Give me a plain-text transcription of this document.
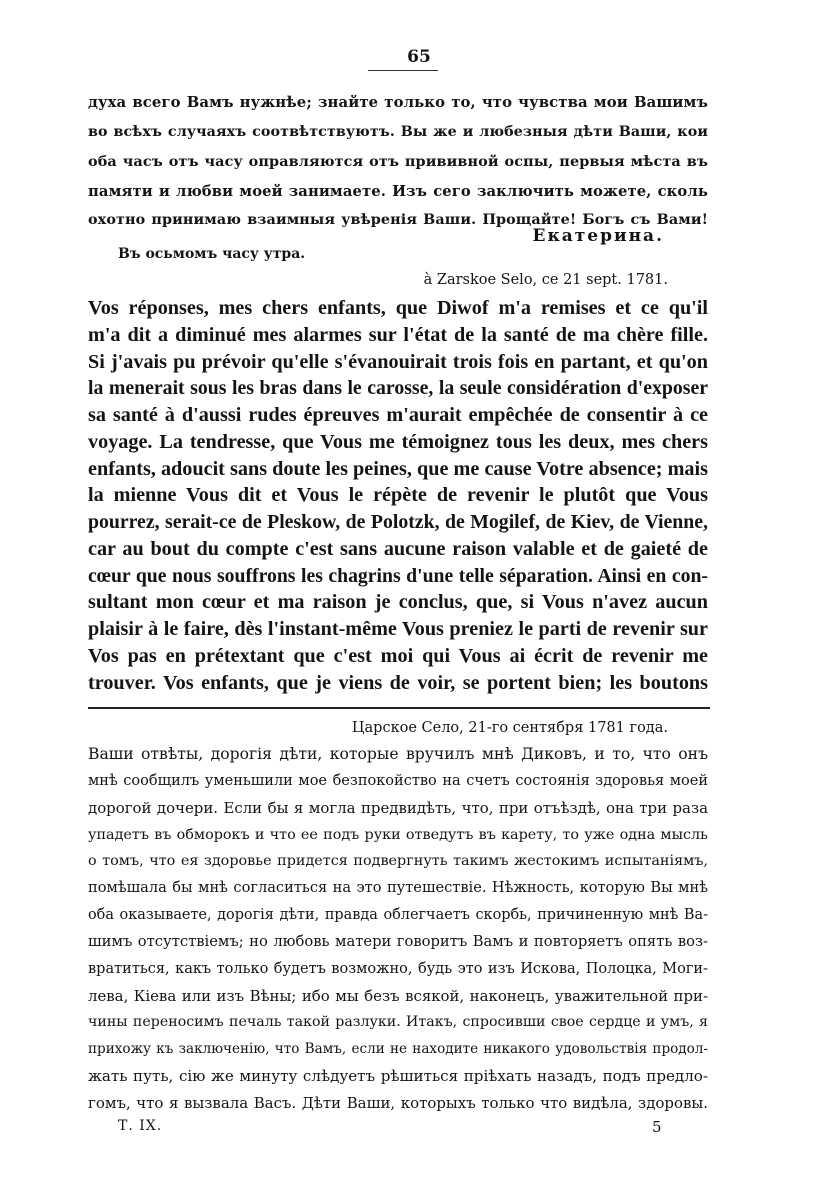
65

духа всего Вамъ нужнѣе; знайте только то, что чувства мои Вашимъ

во всѣхъ случаяхъ соотвѣтствуютъ. Вы же и любезныя дѣти Ваши, кои

оба часъ отъ часу оправляются отъ прививной оспы, первыя мѣста въ

памяти и любви моей занимаете. Изъ сего заключить можете, сколь

охотно принимаю взаимныя увѣренія Ваши. Прощайте! Богъ съ Вами!

Екатерина.
Въ осьмомъ часу утра.
à Zarskoe Selo, ce 21 sept. 1781.

Vos réponses, mes chers enfants, que Diwof m'a remises et ce qu'il

m'a dit a diminué mes alarmes sur l'état de la santé de ma chère fille.

Si j'avais pu prévoir qu'elle s'évanouirait trois fois en partant, et qu'on

la menerait sous les bras dans le carosse, la seule considération d'exposer

sa santé à d'aussi rudes épreuves m'aurait empêchée de consentir à ce

voyage. La tendresse, que Vous me témoignez tous les deux, mes chers

enfants, adoucit sans doute les peines, que me cause Votre absence; mais

la mienne Vous dit et Vous le répète de revenir le plutôt que Vous

pourrez, serait-ce de Pleskow, de Polotzk, de Mogilef, de Kiev, de Vienne,

car au bout du compte c'est sans aucune raison valable et de gaieté de

cœur que nous souffrons les chagrins d'une telle séparation. Ainsi en con-

sultant mon cœur et ma raison je conclus, que, si Vous n'avez aucun

plaisir à le faire, dès l'instant-même Vous preniez le parti de revenir sur

Vos pas en prétextant que c'est moi qui Vous ai écrit de revenir me

trouver. Vos enfants, que je viens de voir, se portent bien; les boutons

Царское Село, 21-го сентября 1781 года.

Ваши отвѣты, дорогія дѣти, которые вручилъ мнѣ Диковъ, и то, что онъ

мнѣ сообщилъ уменьшили мое безпокойство на счетъ состоянія здоровья моей

дорогой дочери. Если бы я могла предвидѣть, что, при отъѣздѣ, она три раза

упадетъ въ обморокъ и что ее подъ руки отведутъ въ карету, то уже одна мысль

о томъ, что ея здоровье придется подвергнуть такимъ жестокимъ испытаніямъ,

помѣшала бы мнѣ согласиться на это путешествіе. Нѣжность, которую Вы мнѣ

оба оказываете, дорогія дѣти, правда облегчаетъ скорбь, причиненную мнѣ Ва-

шимъ отсутствіемъ; но любовь матери говоритъ Вамъ и повторяетъ опять воз-

вратиться, какъ только будетъ возможно, будь это изъ Искова, Полоцка, Моги-

лева, Кіева или изъ Вѣны; ибо мы безъ всякой, наконецъ, уважительной при-

чины переносимъ печаль такой разлуки. Итакъ, спросивши свое сердце и умъ, я

прихожу къ заключенію, что Вамъ, если не находите никакого удовольствія продол-

жать путь, сію же минуту слѣдуетъ рѣшиться пріѣхать назадъ, подъ предло-

гомъ, что я вызвала Васъ. Дѣти Ваши, которыхъ только что видѣла, здоровы.

Т. IX.	5
